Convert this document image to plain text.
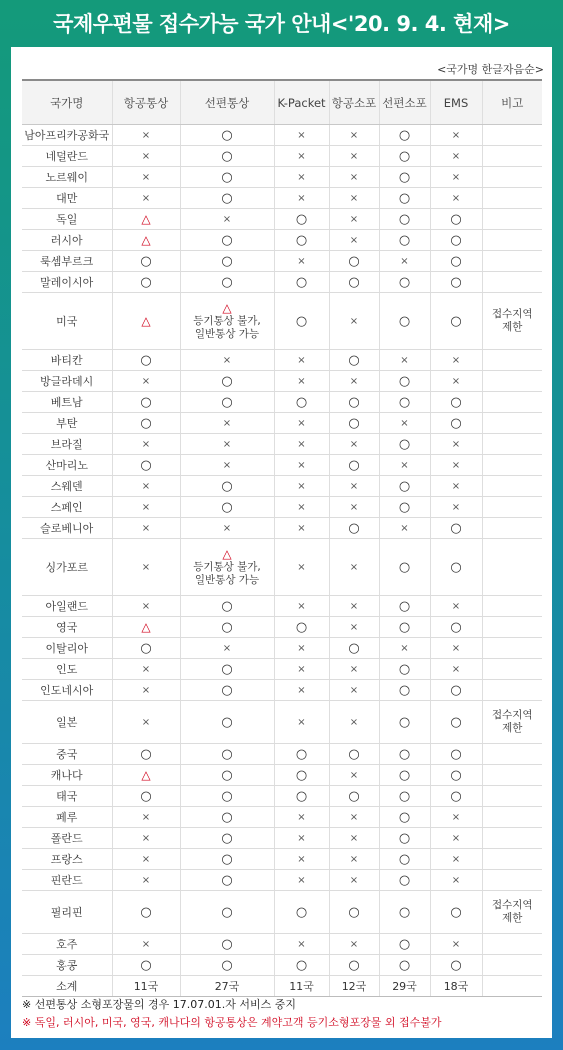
국제우편물 접수가능 국가 안내<'20. 9. 4. 현재>
<국가명 한글자음순>
국가명	항공통상	선편통상	K-Packet	항공소포	선편소포	EMS	비고
남아프리카공화국	×	○	×	×	○	×	
네덜란드	×	○	×	×	○	×	
노르웨이	×	○	×	×	○	×	
대만	×	○	×	×	○	×	
독일	△	×	○	×	○	○	
러시아	△	○	○	×	○	○	
룩셈부르크	○	○	×	○	×	○	
말레이시아	○	○	○	○	○	○	
미국	△	△
등기통상 불가,
일반통상 가능	○	×	○	○	접수지역
제한
바티칸	○	×	×	○	×	×	
방글라데시	×	○	×	×	○	×	
베트남	○	○	○	○	○	○	
부탄	○	×	×	○	×	○	
브라질	×	×	×	×	○	×	
산마리노	○	×	×	○	×	×	
스웨덴	×	○	×	×	○	×	
스페인	×	○	×	×	○	×	
슬로베니아	×	×	×	○	×	○	
싱가포르	×	△
등기통상 불가,
일반통상 가능	×	×	○	○	
아일랜드	×	○	×	×	○	×	
영국	△	○	○	×	○	○	
이탈리아	○	×	×	○	×	×	
인도	×	○	×	×	○	×	
인도네시아	×	○	×	×	○	○	
일본	×	○	×	×	○	○	접수지역
제한
중국	○	○	○	○	○	○	
캐나다	△	○	○	×	○	○	
태국	○	○	○	○	○	○	
페루	×	○	×	×	○	×	
폴란드	×	○	×	×	○	×	
프랑스	×	○	×	×	○	×	
핀란드	×	○	×	×	○	×	
필리핀	○	○	○	○	○	○	접수지역
제한
호주	×	○	×	×	○	×	
홍콩	○	○	○	○	○	○	
소계	11국	27국	11국	12국	29국	18국	
※ 선편통상 소형포장물의 경우 17.07.01.자 서비스 중지
※ 독일, 러시아, 미국, 영국, 캐나다의 항공통상은 계약고객 등기소형포장물 외 접수불가
